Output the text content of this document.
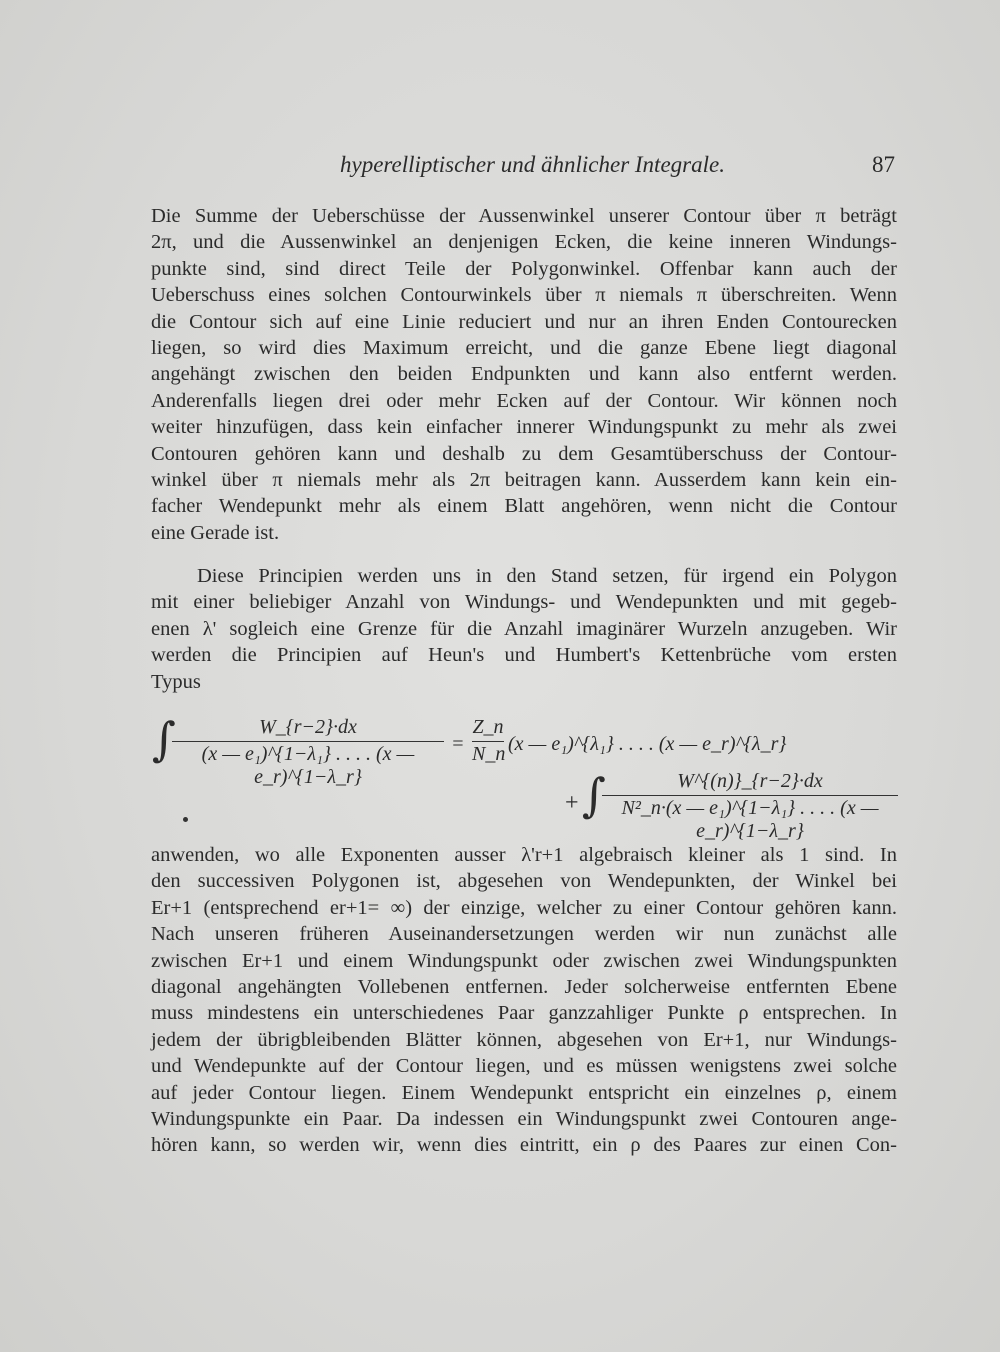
hyperelliptischer und ähnlicher Integrale.	87
Die Summe der Ueberschüsse der Aussenwinkel unserer Contour über π beträgt
2π, und die Aussenwinkel an denjenigen Ecken, die keine inneren Windungs-
punkte sind, sind direct Teile der Polygonwinkel. Offenbar kann auch der
Ueberschuss eines solchen Contourwinkels über π niemals π überschreiten. Wenn
die Contour sich auf eine Linie reduciert und nur an ihren Enden Contourecken
liegen, so wird dies Maximum erreicht, und die ganze Ebene liegt diagonal
angehängt zwischen den beiden Endpunkten und kann also entfernt werden.
Anderenfalls liegen drei oder mehr Ecken auf der Contour. Wir können noch
weiter hinzufügen, dass kein einfacher innerer Windungspunkt zu mehr als zwei
Contouren gehören kann und deshalb zu dem Gesamtüberschuss der Contour-
winkel über π niemals mehr als 2π beitragen kann. Ausserdem kann kein ein-
facher Wendepunkt mehr als einem Blatt angehören, wenn nicht die Contour
eine Gerade ist.
Diese Principien werden uns in den Stand setzen, für irgend ein Polygon
mit einer beliebiger Anzahl von Windungs- und Wendepunkten und mit gegeb-
enen λ' sogleich eine Grenze für die Anzahl imaginärer Wurzeln anzugeben. Wir
werden die Principien auf Heun's und Humbert's Kettenbrüche vom ersten
Typus
∫
$\frac{W\_\{r-2\}\cdot dx}{\text{(x — e₁)\textasciicircum{}\{1−λ₁\} . . . . (x — e\_r)\textasciicircum{}\{1−λ\_r\}}} = \frac{Z\_n}{N\_n} (x$ — e₁)^{λ₁} . . . . (x — e_r)^{λ_r}
+ ∫
$\frac{W\^{}\{(n)\}\_\{r-2\}\cdot dx}{\text{N²\_n·(x — e₁)\textasciicircum{}\{1−λ₁\} . . . . (x — e\_r)\textasciicircum{}\{1−λ\_r\}}}$
anwenden, wo alle Exponenten ausser λ'r+1 algebraisch kleiner als 1 sind. In
den successiven Polygonen ist, abgesehen von Wendepunkten, der Winkel bei
Er+1 (entsprechend er+1= ∞) der einzige, welcher zu einer Contour gehören kann.
Nach unseren früheren Auseinandersetzungen werden wir nun zunächst alle
zwischen Er+1 und einem Windungspunkt oder zwischen zwei Windungspunkten
diagonal angehängten Vollebenen entfernen. Jeder solcherweise entfernten Ebene
muss mindestens ein unterschiedenes Paar ganzzahliger Punkte ρ entsprechen. In
jedem der übrigbleibenden Blätter können, abgesehen von Er+1, nur Windungs-
und Wendepunkte auf der Contour liegen, und es müssen wenigstens zwei solche
auf jeder Contour liegen. Einem Wendepunkt entspricht ein einzelnes ρ, einem
Windungspunkte ein Paar. Da indessen ein Windungspunkt zwei Contouren ange-
hören kann, so werden wir, wenn dies eintritt, ein ρ des Paares zur einen Con-
